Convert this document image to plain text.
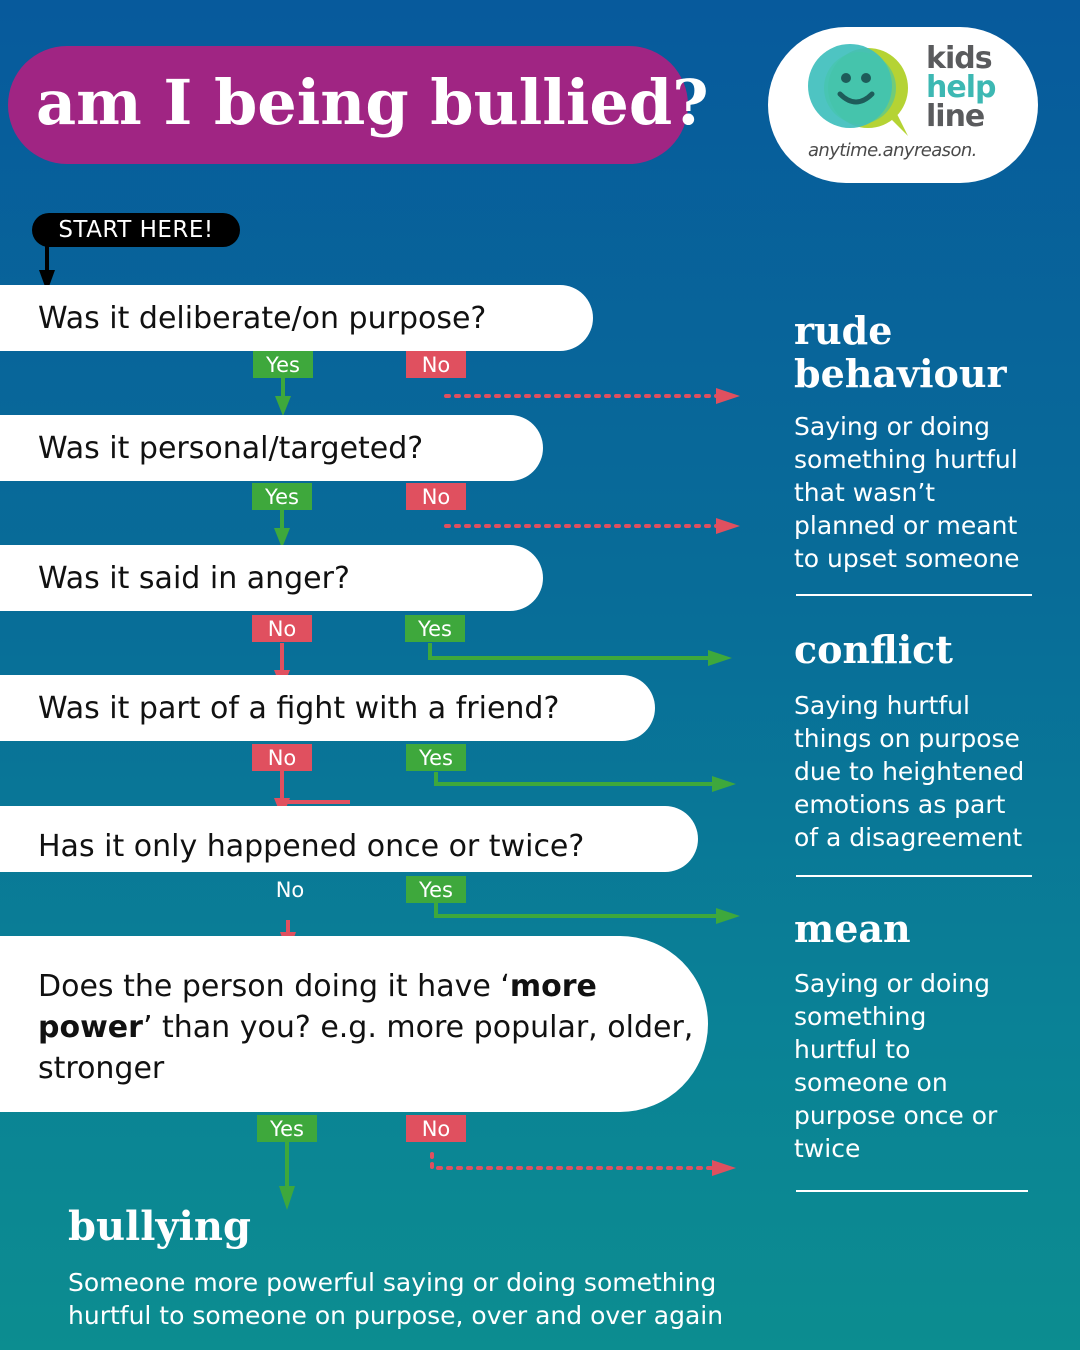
am I being bullied?
kids
help
line
anytime.anyreason.
START HERE!
Was it deliberate/on purpose?
Yes	No
Was it personal/targeted?
Yes	No
Was it said in anger?
No	Yes
Was it part of a fight with a friend?
No	Yes
Has it only happened once or twice?
No	Yes
Does the person doing it have ‘more
power’ than you? e.g. more popular, older, stronger
Yes	No
rude
behaviour
Saying or doing
something hurtful
that wasn’t
planned or meant
to upset someone
conflict
Saying hurtful
things on purpose
due to heightened
emotions as part
of a disagreement
mean
Saying or doing
something
hurtful to
someone on
purpose once or
twice
bullying
Someone more powerful saying or doing something
hurtful to someone on purpose, over and over again
